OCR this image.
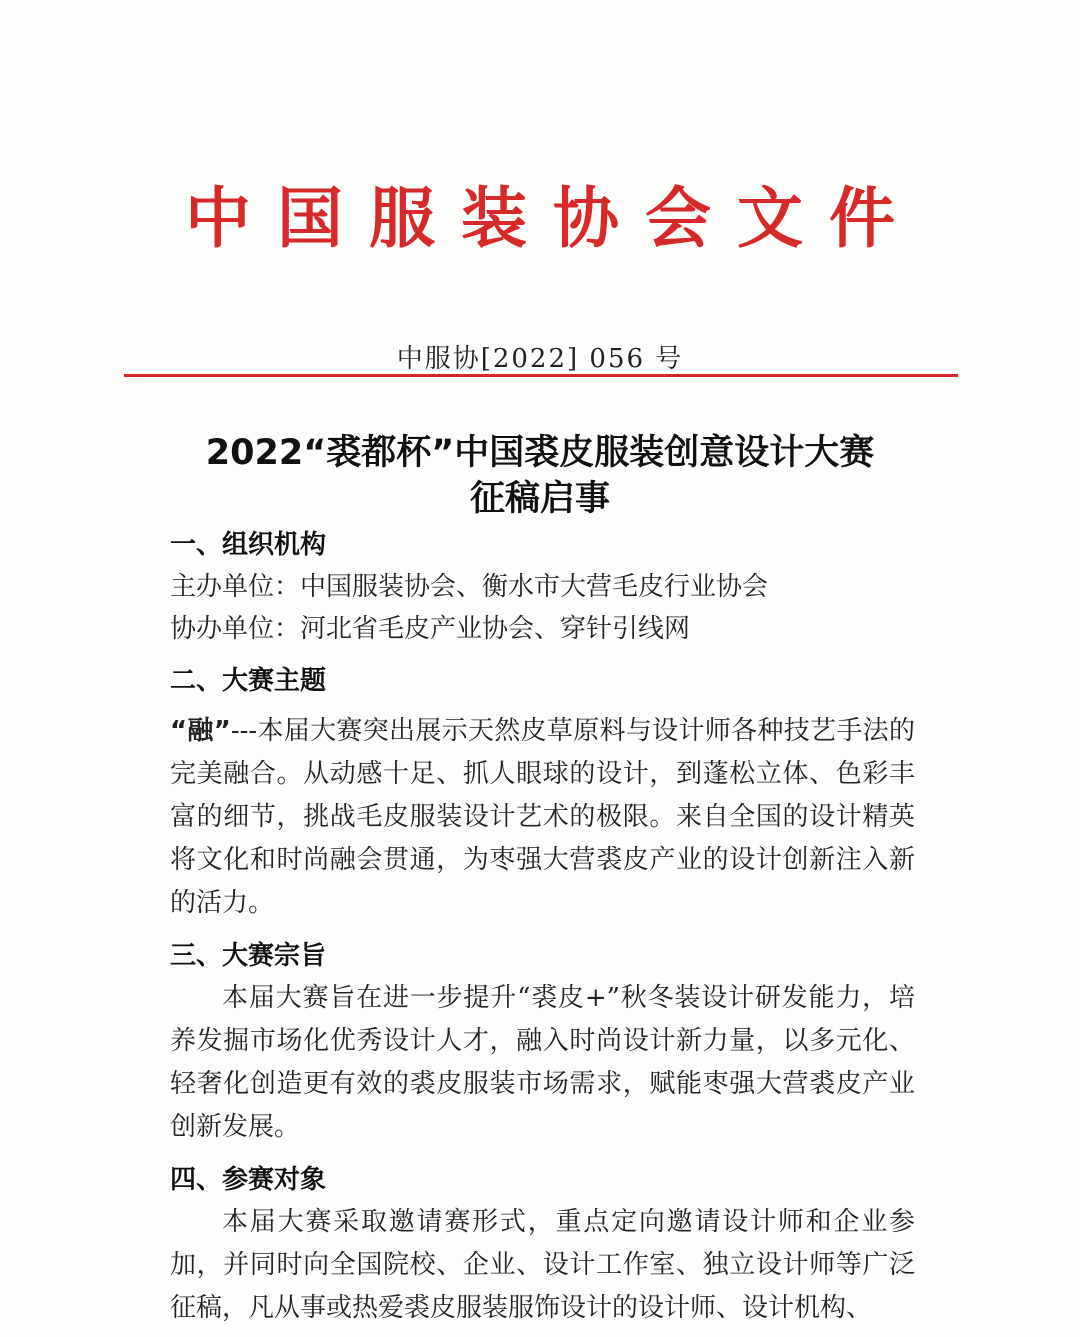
中国服装协会文件
中服协[2022] 056 号
2022“裘都杯”中国裘皮服装创意设计大赛
征稿启事
一、组织机构
主办单位：中国服装协会、衡水市大营毛皮行业协会
协办单位：河北省毛皮产业协会、穿针引线网
二、大赛主题
“融”---本届大赛突出展示天然皮草原料与设计师各种技艺手法的完美融合。从动感十足、抓人眼球的设计，到蓬松立体、色彩丰富的细节，挑战毛皮服装设计艺术的极限。来自全国的设计精英将文化和时尚融会贯通，为枣强大营裘皮产业的设计创新注入新的活力。
三、大赛宗旨
本届大赛旨在进一步提升“裘皮+”秋冬装设计研发能力，培养发掘市场化优秀设计人才，融入时尚设计新力量，以多元化、轻奢化创造更有效的裘皮服装市场需求，赋能枣强大营裘皮产业创新发展。
四、参赛对象
本届大赛采取邀请赛形式，重点定向邀请设计师和企业参加，并同时向全国院校、企业、设计工作室、独立设计师等广泛征稿，凡从事或热爱裘皮服装服饰设计的设计师、设计机构、
